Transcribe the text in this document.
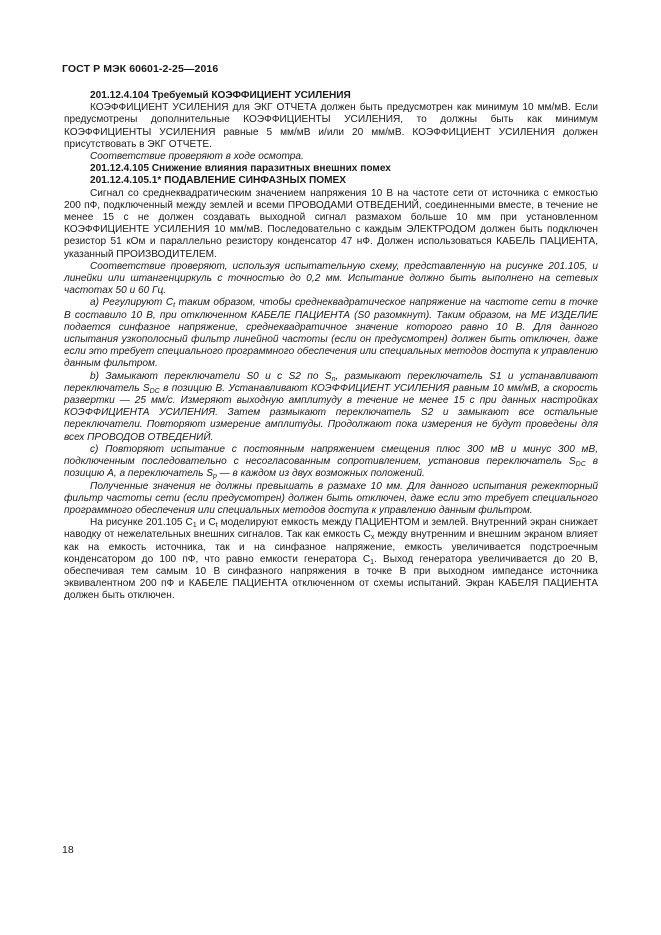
ГОСТ Р МЭК 60601-2-25—2016
201.12.4.104 Требуемый КОЭФФИЦИЕНТ УСИЛЕНИЯ

КОЭФФИЦИЕНТ УСИЛЕНИЯ для ЭКГ ОТЧЕТА должен быть предусмотрен как минимум 10 мм/мВ. Если предусмотрены дополнительные КОЭФФИЦИЕНТЫ УСИЛЕНИЯ, то должны быть как минимум КОЭФФИЦИЕНТЫ УСИЛЕНИЯ равные 5 мм/мВ и/или 20 мм/мВ. КОЭФФИЦИЕНТ УСИЛЕНИЯ должен присутствовать в ЭКГ ОТЧЕТЕ.

Соответствие проверяют в ходе осмотра.

201.12.4.105 Снижение влияния паразитных внешних помех
201.12.4.105.1* ПОДАВЛЕНИЕ СИНФАЗНЫХ ПОМЕХ

Сигнал со среднеквадратическим значением напряжения 10 В на частоте сети от источника с емкостью 200 пФ, подключенный между землей и всеми ПРОВОДАМИ ОТВЕДЕНИЙ, соединенными вместе, в течение не менее 15 с не должен создавать выходной сигнал размахом больше 10 мм при установленном КОЭФФИЦИЕНТЕ УСИЛЕНИЯ 10 мм/мВ. Последовательно с каждым ЭЛЕКТРОДОМ должен быть подключен резистор 51 кОм и параллельно резистору конденсатор 47 нФ. Должен использоваться КАБЕЛЬ ПАЦИЕНТА, указанный ПРОИЗВОДИТЕЛЕМ.

Соответствие проверяют, используя испытательную схему, представленную на рисунке 201.105, и линейки или штангенциркуль с точностью до 0,2 мм. Испытание должно быть выполнено на сетевых частотах 50 и 60 Гц.

a) Регулируют $C_t$ таким образом, чтобы среднеквадратическое напряжение на частоте сети в точке B составило 10 В, при отключенном КАБЕЛЕ ПАЦИЕНТА (S0 разомкнут). Таким образом, на МЕ ИЗДЕЛИЕ подается синфазное напряжение, среднеквадратичное значение которого равно 10 В. Для данного испытания узкополосный фильтр линейной частоты (если он предусмотрен) должен быть отключен, даже если это требует специального программного обеспечения или специальных методов доступа к управлению данным фильтром.

b) Замыкают переключатели S0 и с S2 по $S_n$, размыкают переключатель S1 и устанавливают переключатель $S_{DC}$ в позицию B. Устанавливают КОЭФФИЦИЕНТ УСИЛЕНИЯ равным 10 мм/мВ, а скорость развертки — 25 мм/с. Измеряют выходную амплитуду в течение не менее 15 с при данных настройках КОЭФФИЦИЕНТА УСИЛЕНИЯ. Затем размыкают переключатель S2 и замыкают все остальные переключатели. Повторяют измерение амплитуды. Продолжают пока измерения не будут проведены для всех ПРОВОДОВ ОТВЕДЕНИЙ.

c) Повторяют испытание с постоянным напряжением смещения плюс 300 мВ и минус 300 мВ, подключенным последовательно с несогласованным сопротивлением, установив переключатель $S_{DC}$ в позицию A, а переключатель $S_p$ — в каждом из двух возможных положений.

Полученные значения не должны превышать в размахе 10 мм. Для данного испытания режекторный фильтр частоты сети (если предусмотрен) должен быть отключен, даже если это требует специального программного обеспечения или специальных методов доступа к управлению данным фильтром.

На рисунке 201.105 $C_1$ и $C_t$ моделируют емкость между ПАЦИЕНТОМ и землей. Внутренний экран снижает наводку от нежелательных внешних сигналов. Так как емкость $C_x$ между внутренним и внешним экраном влияет как на емкость источника, так и на синфазное напряжение, емкость увеличивается подстроечным конденсатором до 100 пФ, что равно емкости генератора $C_1$. Выход генератора увеличивается до 20 В, обеспечивая тем самым 10 В синфазного напряжения в точке В при выходном импедансе источника эквивалентном 200 пФ и КАБЕЛЕ ПАЦИЕНТА отключенном от схемы испытаний. Экран КАБЕЛЯ ПАЦИЕНТА должен быть отключен.

18
